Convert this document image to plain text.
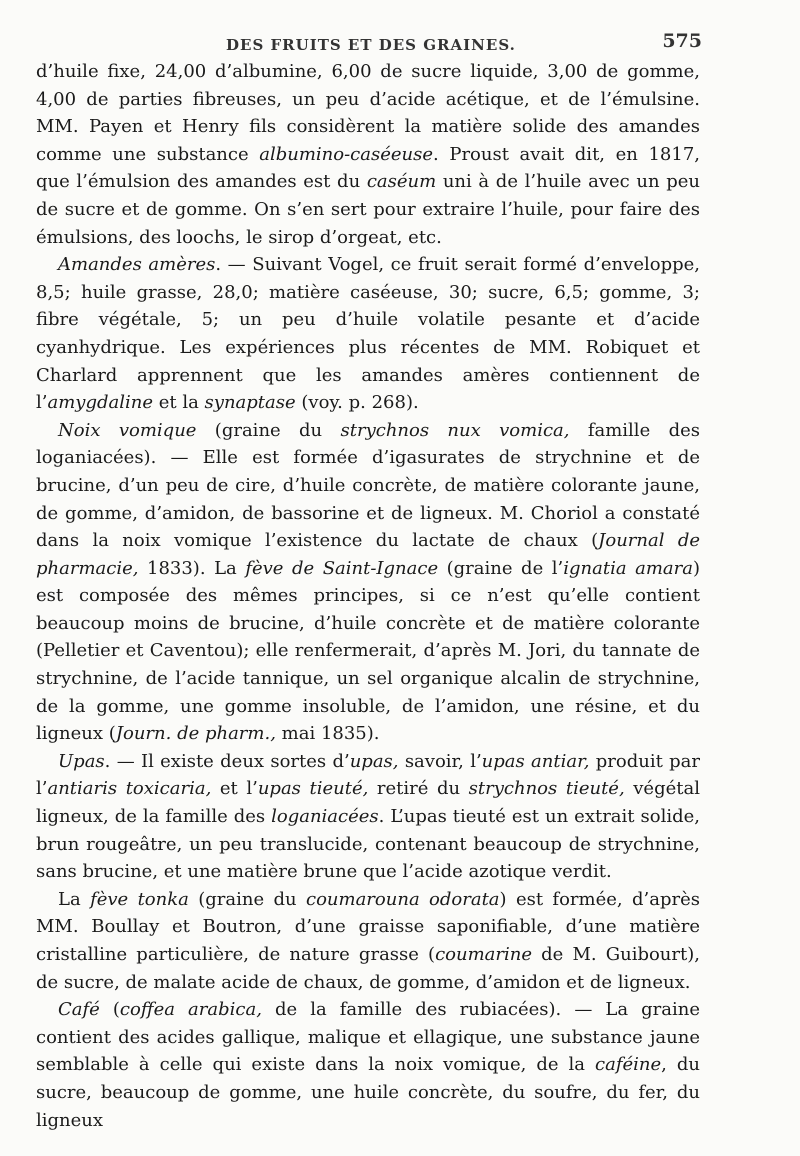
DES FRUITS ET DES GRAINES.	575

d’huile fixe, 24,00 d’albumine, 6,00 de sucre liquide, 3,00 de gomme, 4,00 de parties fibreuses, un peu d’acide acétique, et de l’émulsine. MM. Payen et Henry fils considèrent la matière solide des amandes comme une substance albumino-caséeuse. Proust avait dit, en 1817, que l’émulsion des amandes est du caséum uni à de l’huile avec un peu de sucre et de gomme. On s’en sert pour extraire l’huile, pour faire des émulsions, des loochs, le sirop d’orgeat, etc.

Amandes amères. — Suivant Vogel, ce fruit serait formé d’enveloppe, 8,5; huile grasse, 28,0; matière caséeuse, 30; sucre, 6,5; gomme, 3; fibre végétale, 5; un peu d’huile volatile pesante et d’acide cyanhydrique. Les expériences plus récentes de MM. Robiquet et Charlard apprennent que les amandes amères contiennent de l’amygdaline et la synaptase (voy. p. 268).

Noix vomique (graine du strychnos nux vomica, famille des loganiacées). — Elle est formée d’igasurates de strychnine et de brucine, d’un peu de cire, d’huile concrète, de matière colorante jaune, de gomme, d’amidon, de bassorine et de ligneux. M. Choriol a constaté dans la noix vomique l’existence du lactate de chaux (Journal de pharmacie, 1833). La fève de Saint-Ignace (graine de l’ignatia amara) est composée des mêmes principes, si ce n’est qu’elle contient beaucoup moins de brucine, d’huile concrète et de matière colorante (Pelletier et Caventou); elle renfermerait, d’après M. Jori, du tannate de strychnine, de l’acide tannique, un sel organique alcalin de strychnine, de la gomme, une gomme insoluble, de l’amidon, une résine, et du ligneux (Journ. de pharm., mai 1835).

Upas. — Il existe deux sortes d’upas, savoir, l’upas antiar, produit par l’antiaris toxicaria, et l’upas tieuté, retiré du strychnos tieuté, végétal ligneux, de la famille des loganiacées. L’upas tieuté est un extrait solide, brun rougeâtre, un peu translucide, contenant beaucoup de strychnine, sans brucine, et une matière brune que l’acide azotique verdit.

La fève tonka (graine du coumarouna odorata) est formée, d’après MM. Boullay et Boutron, d’une graisse saponifiable, d’une matière cristalline particulière, de nature grasse (coumarine de M. Guibourt), de sucre, de malate acide de chaux, de gomme, d’amidon et de ligneux.

Café (coffea arabica, de la famille des rubiacées). — La graine contient des acides gallique, malique et ellagique, une substance jaune semblable à celle qui existe dans la noix vomique, de la caféine, du sucre, beaucoup de gomme, une huile concrète, du soufre, du fer, du ligneux
